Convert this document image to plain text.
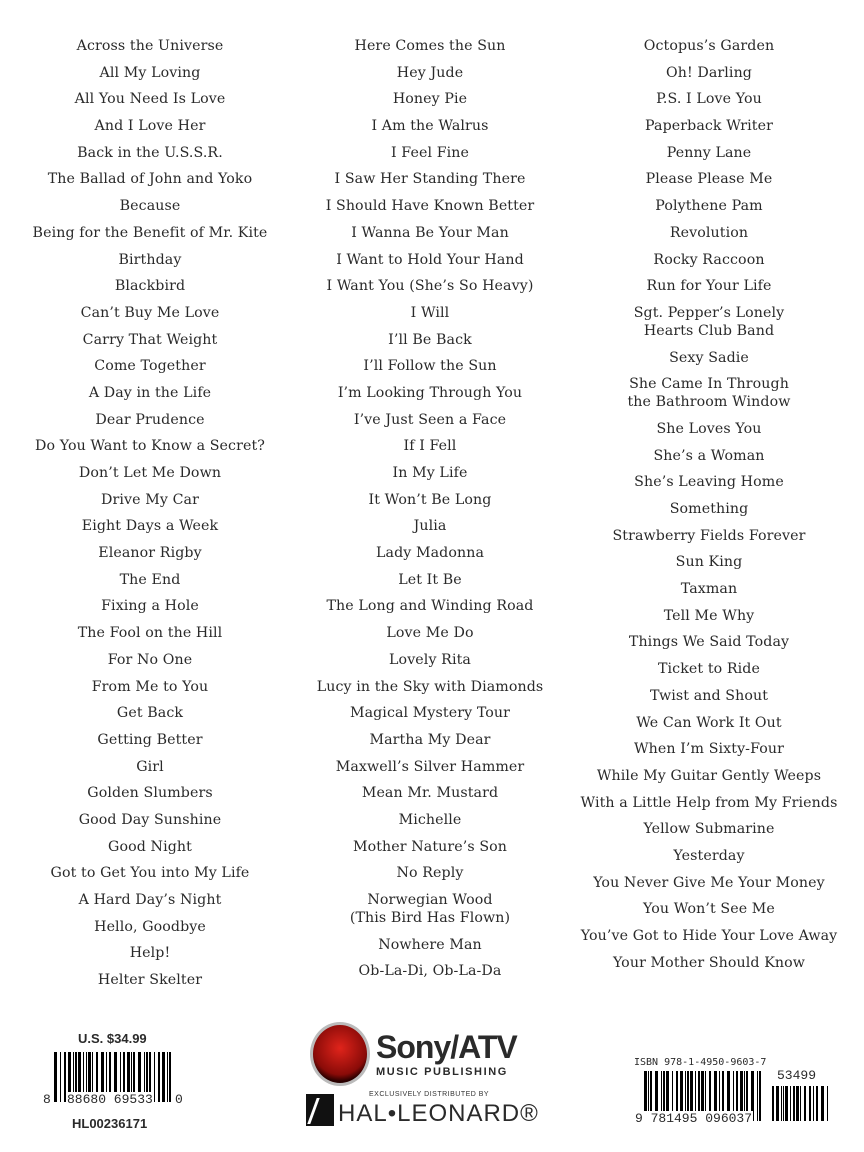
Across the Universe
All My Loving
All You Need Is Love
And I Love Her
Back in the U.S.S.R.
The Ballad of John and Yoko
Because
Being for the Benefit of Mr. Kite
Birthday
Blackbird
Can’t Buy Me Love
Carry That Weight
Come Together
A Day in the Life
Dear Prudence
Do You Want to Know a Secret?
Don’t Let Me Down
Drive My Car
Eight Days a Week
Eleanor Rigby
The End
Fixing a Hole
The Fool on the Hill
For No One
From Me to You
Get Back
Getting Better
Girl
Golden Slumbers
Good Day Sunshine
Good Night
Got to Get You into My Life
A Hard Day’s Night
Hello, Goodbye
Help!
Helter Skelter
Here Comes the Sun
Hey Jude
Honey Pie
I Am the Walrus
I Feel Fine
I Saw Her Standing There
I Should Have Known Better
I Wanna Be Your Man
I Want to Hold Your Hand
I Want You (She’s So Heavy)
I Will
I’ll Be Back
I’ll Follow the Sun
I’m Looking Through You
I’ve Just Seen a Face
If I Fell
In My Life
It Won’t Be Long
Julia
Lady Madonna
Let It Be
The Long and Winding Road
Love Me Do
Lovely Rita
Lucy in the Sky with Diamonds
Magical Mystery Tour
Martha My Dear
Maxwell’s Silver Hammer
Mean Mr. Mustard
Michelle
Mother Nature’s Son
No Reply
Norwegian Wood
(This Bird Has Flown)
Nowhere Man
Ob-La-Di, Ob-La-Da
Octopus’s Garden
Oh! Darling
P.S. I Love You
Paperback Writer
Penny Lane
Please Please Me
Polythene Pam
Revolution
Rocky Raccoon
Run for Your Life
Sgt. Pepper’s Lonely
Hearts Club Band
Sexy Sadie
She Came In Through
the Bathroom Window
She Loves You
She’s a Woman
She’s Leaving Home
Something
Strawberry Fields Forever
Sun King
Taxman
Tell Me Why
Things We Said Today
Ticket to Ride
Twist and Shout
We Can Work It Out
When I’m Sixty-Four
While My Guitar Gently Weeps
With a Little Help from My Friends
Yellow Submarine
Yesterday
You Never Give Me Your Money
You Won’t See Me
You’ve Got to Hide Your Love Away
Your Mother Should Know
U.S. $34.99
8 88680 69533 0
HL00236171
Sony/ATV
MUSIC PUBLISHING
EXCLUSIVELY DISTRIBUTED BY
HAL•LEONARD®
ISBN 978-1-4950-9603-7
9 781495 096037
53499
